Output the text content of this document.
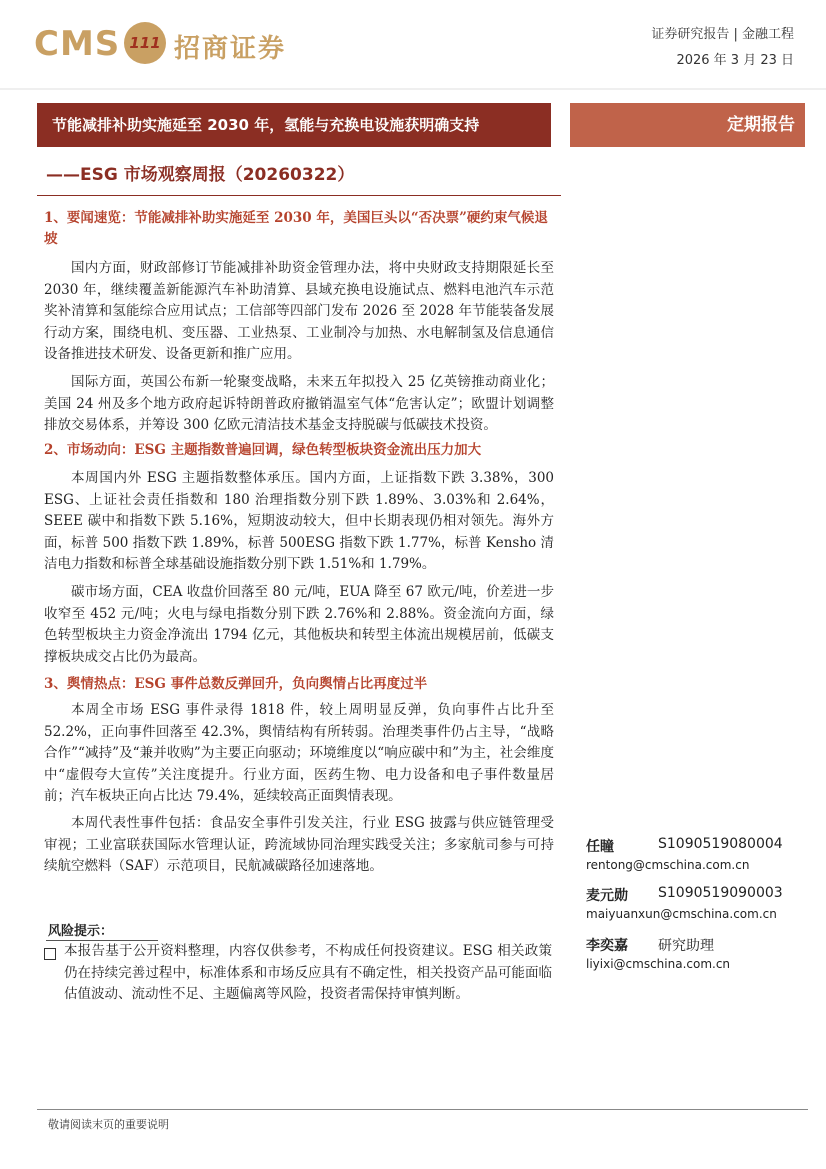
CMS 111 招商证券	证券研究报告 | 金融工程
2026 年 3 月 23 日
节能减排补助实施延至 2030 年，氢能与充换电设施获明确支持	定期报告
——ESG 市场观察周报（20260322）
1、要闻速览：节能减排补助实施延至 2030 年，美国巨头以“否决票”硬约束气候退坡
国内方面，财政部修订节能减排补助资金管理办法，将中央财政支持期限延长至 2030 年，继续覆盖新能源汽车补助清算、县域充换电设施试点、燃料电池汽车示范奖补清算和氢能综合应用试点；工信部等四部门发布 2026 至 2028 年节能装备发展行动方案，围绕电机、变压器、工业热泵、工业制冷与加热、水电解制氢及信息通信设备推进技术研发、设备更新和推广应用。
国际方面，英国公布新一轮聚变战略，未来五年拟投入 25 亿英镑推动商业化；美国 24 州及多个地方政府起诉特朗普政府撤销温室气体“危害认定”；欧盟计划调整排放交易体系，并筹设 300 亿欧元清洁技术基金支持脱碳与低碳技术投资。
2、市场动向：ESG 主题指数普遍回调，绿色转型板块资金流出压力加大
本周国内外 ESG 主题指数整体承压。国内方面，上证指数下跌 3.38%，300 ESG、上证社会责任指数和 180 治理指数分别下跌 1.89%、3.03%和 2.64%，SEEE 碳中和指数下跌 5.16%，短期波动较大，但中长期表现仍相对领先。海外方面，标普 500 指数下跌 1.89%，标普 500ESG 指数下跌 1.77%，标普 Kensho 清洁电力指数和标普全球基础设施指数分别下跌 1.51%和 1.79%。
碳市场方面，CEA 收盘价回落至 80 元/吨，EUA 降至 67 欧元/吨，价差进一步收窄至 452 元/吨；火电与绿电指数分别下跌 2.76%和 2.88%。资金流向方面，绿色转型板块主力资金净流出 1794 亿元，其他板块和转型主体流出规模居前，低碳支撑板块成交占比仍为最高。
3、舆情热点：ESG 事件总数反弹回升，负向舆情占比再度过半
本周全市场 ESG 事件录得 1818 件，较上周明显反弹，负向事件占比升至 52.2%，正向事件回落至 42.3%，舆情结构有所转弱。治理类事件仍占主导，“战略合作”“减持”及“兼并收购”为主要正向驱动；环境维度以“响应碳中和”为主，社会维度中“虚假夸大宣传”关注度提升。行业方面，医药生物、电力设备和电子事件数量居前；汽车板块正向占比达 79.4%，延续较高正面舆情表现。
本周代表性事件包括：食品安全事件引发关注，行业 ESG 披露与供应链管理受审视；工业富联获国际水管理认证，跨流域协同治理实践受关注；多家航司参与可持续航空燃料（SAF）示范项目，民航减碳路径加速落地。
风险提示：
本报告基于公开资料整理，内容仅供参考，不构成任何投资建议。ESG 相关政策仍在持续完善过程中，标准体系和市场反应具有不确定性，相关投资产品可能面临估值波动、流动性不足、主题偏离等风险，投资者需保持审慎判断。
任瞳	S1090519080004
rentong@cmschina.com.cn
麦元勋 S1090519090003
maiyuanxun@cmschina.com.cn
李奕嘉 研究助理
liyixi@cmschina.com.cn
敬请阅读末页的重要说明
